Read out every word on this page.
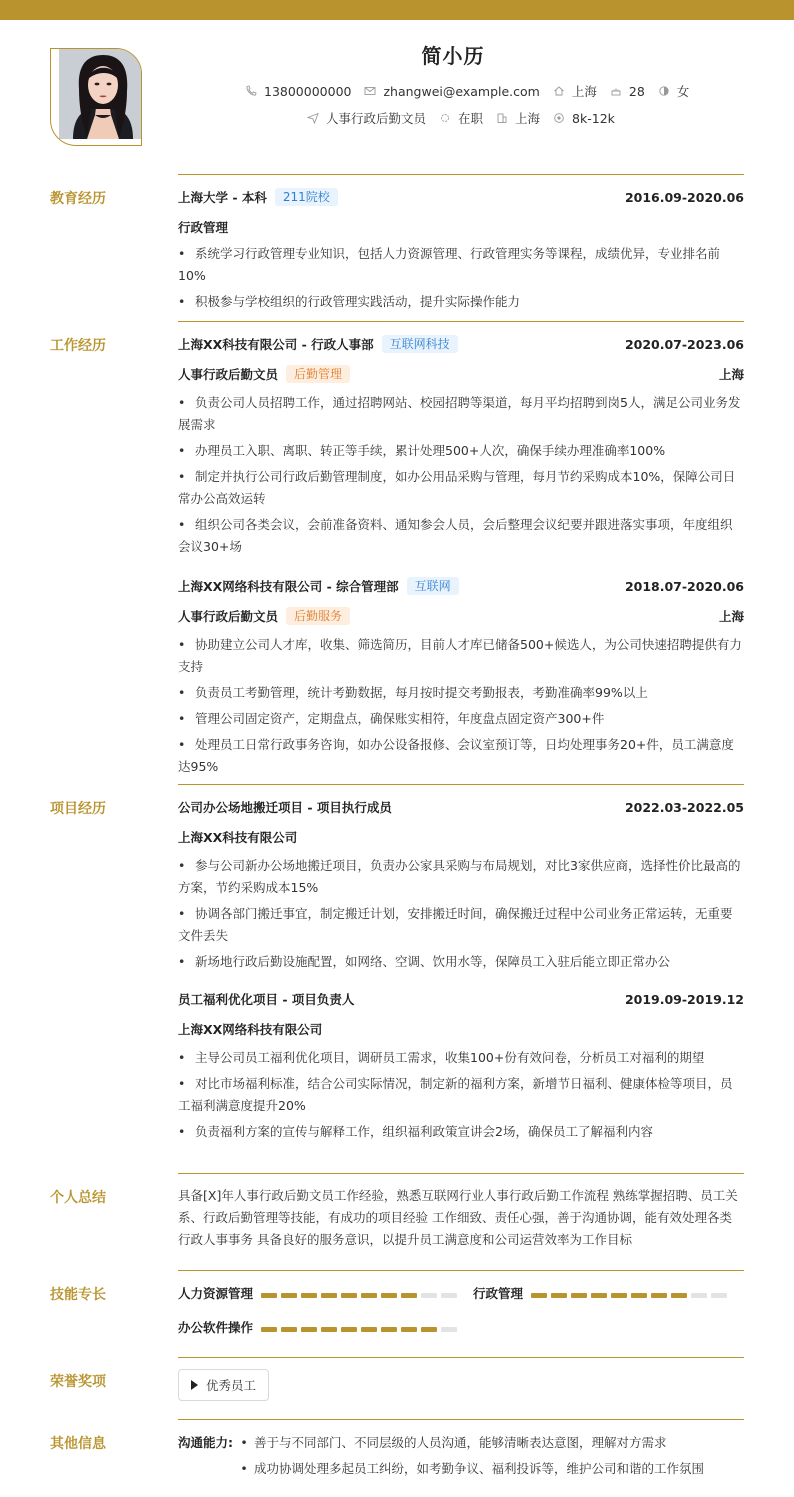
简小历
13800000000	zhangwei@example.com	上海	28	女
人事行政后勤文员	在职	上海	8k-12k
教育经历	上海大学 - 本科	211院校	2016.09-2020.06
行政管理
• 系统学习行政管理专业知识，包括人力资源管理、行政管理实务等课程，成绩优异，专业排名前10%
• 积极参与学校组织的行政管理实践活动，提升实际操作能力
工作经历	上海XX科技有限公司 - 行政人事部	互联网科技	2020.07-2023.06
人事行政后勤文员	后勤管理	上海
• 负责公司人员招聘工作，通过招聘网站、校园招聘等渠道，每月平均招聘到岗5人，满足公司业务发展需求
• 办理员工入职、离职、转正等手续，累计处理500+人次，确保手续办理准确率100%
• 制定并执行公司行政后勤管理制度，如办公用品采购与管理，每月节约采购成本10%，保障公司日常办公高效运转
• 组织公司各类会议，会前准备资料、通知参会人员，会后整理会议纪要并跟进落实事项，年度组织会议30+场
上海XX网络科技有限公司 - 综合管理部	互联网	2018.07-2020.06
人事行政后勤文员	后勤服务	上海
• 协助建立公司人才库，收集、筛选简历，目前人才库已储备500+候选人，为公司快速招聘提供有力支持
• 负责员工考勤管理，统计考勤数据，每月按时提交考勤报表，考勤准确率99%以上
• 管理公司固定资产，定期盘点，确保账实相符，年度盘点固定资产300+件
• 处理员工日常行政事务咨询，如办公设备报修、会议室预订等，日均处理事务20+件，员工满意度达95%
项目经历	公司办公场地搬迁项目 - 项目执行成员	2022.03-2022.05
上海XX科技有限公司
• 参与公司新办公场地搬迁项目，负责办公家具采购与布局规划，对比3家供应商，选择性价比最高的方案，节约采购成本15%
• 协调各部门搬迁事宜，制定搬迁计划，安排搬迁时间，确保搬迁过程中公司业务正常运转，无重要文件丢失
• 新场地行政后勤设施配置，如网络、空调、饮用水等，保障员工入驻后能立即正常办公
员工福利优化项目 - 项目负责人	2019.09-2019.12
上海XX网络科技有限公司
• 主导公司员工福利优化项目，调研员工需求，收集100+份有效问卷，分析员工对福利的期望
• 对比市场福利标准，结合公司实际情况，制定新的福利方案，新增节日福利、健康体检等项目，员工福利满意度提升20%
• 负责福利方案的宣传与解释工作，组织福利政策宣讲会2场，确保员工了解福利内容
个人总结	具备[X]年人事行政后勤文员工作经验，熟悉互联网行业人事行政后勤工作流程 熟练掌握招聘、员工关系、行政后勤管理等技能，有成功的项目经验 工作细致、责任心强，善于沟通协调，能有效处理各类行政人事事务 具备良好的服务意识，以提升员工满意度和公司运营效率为工作目标
技能专长	人力资源管理	行政管理
办公软件操作
荣誉奖项	优秀员工
其他信息	沟通能力: • 善于与不同部门、不同层级的人员沟通，能够清晰表达意图，理解对方需求
• 成功协调处理多起员工纠纷，如考勤争议、福利投诉等，维护公司和谐的工作氛围
